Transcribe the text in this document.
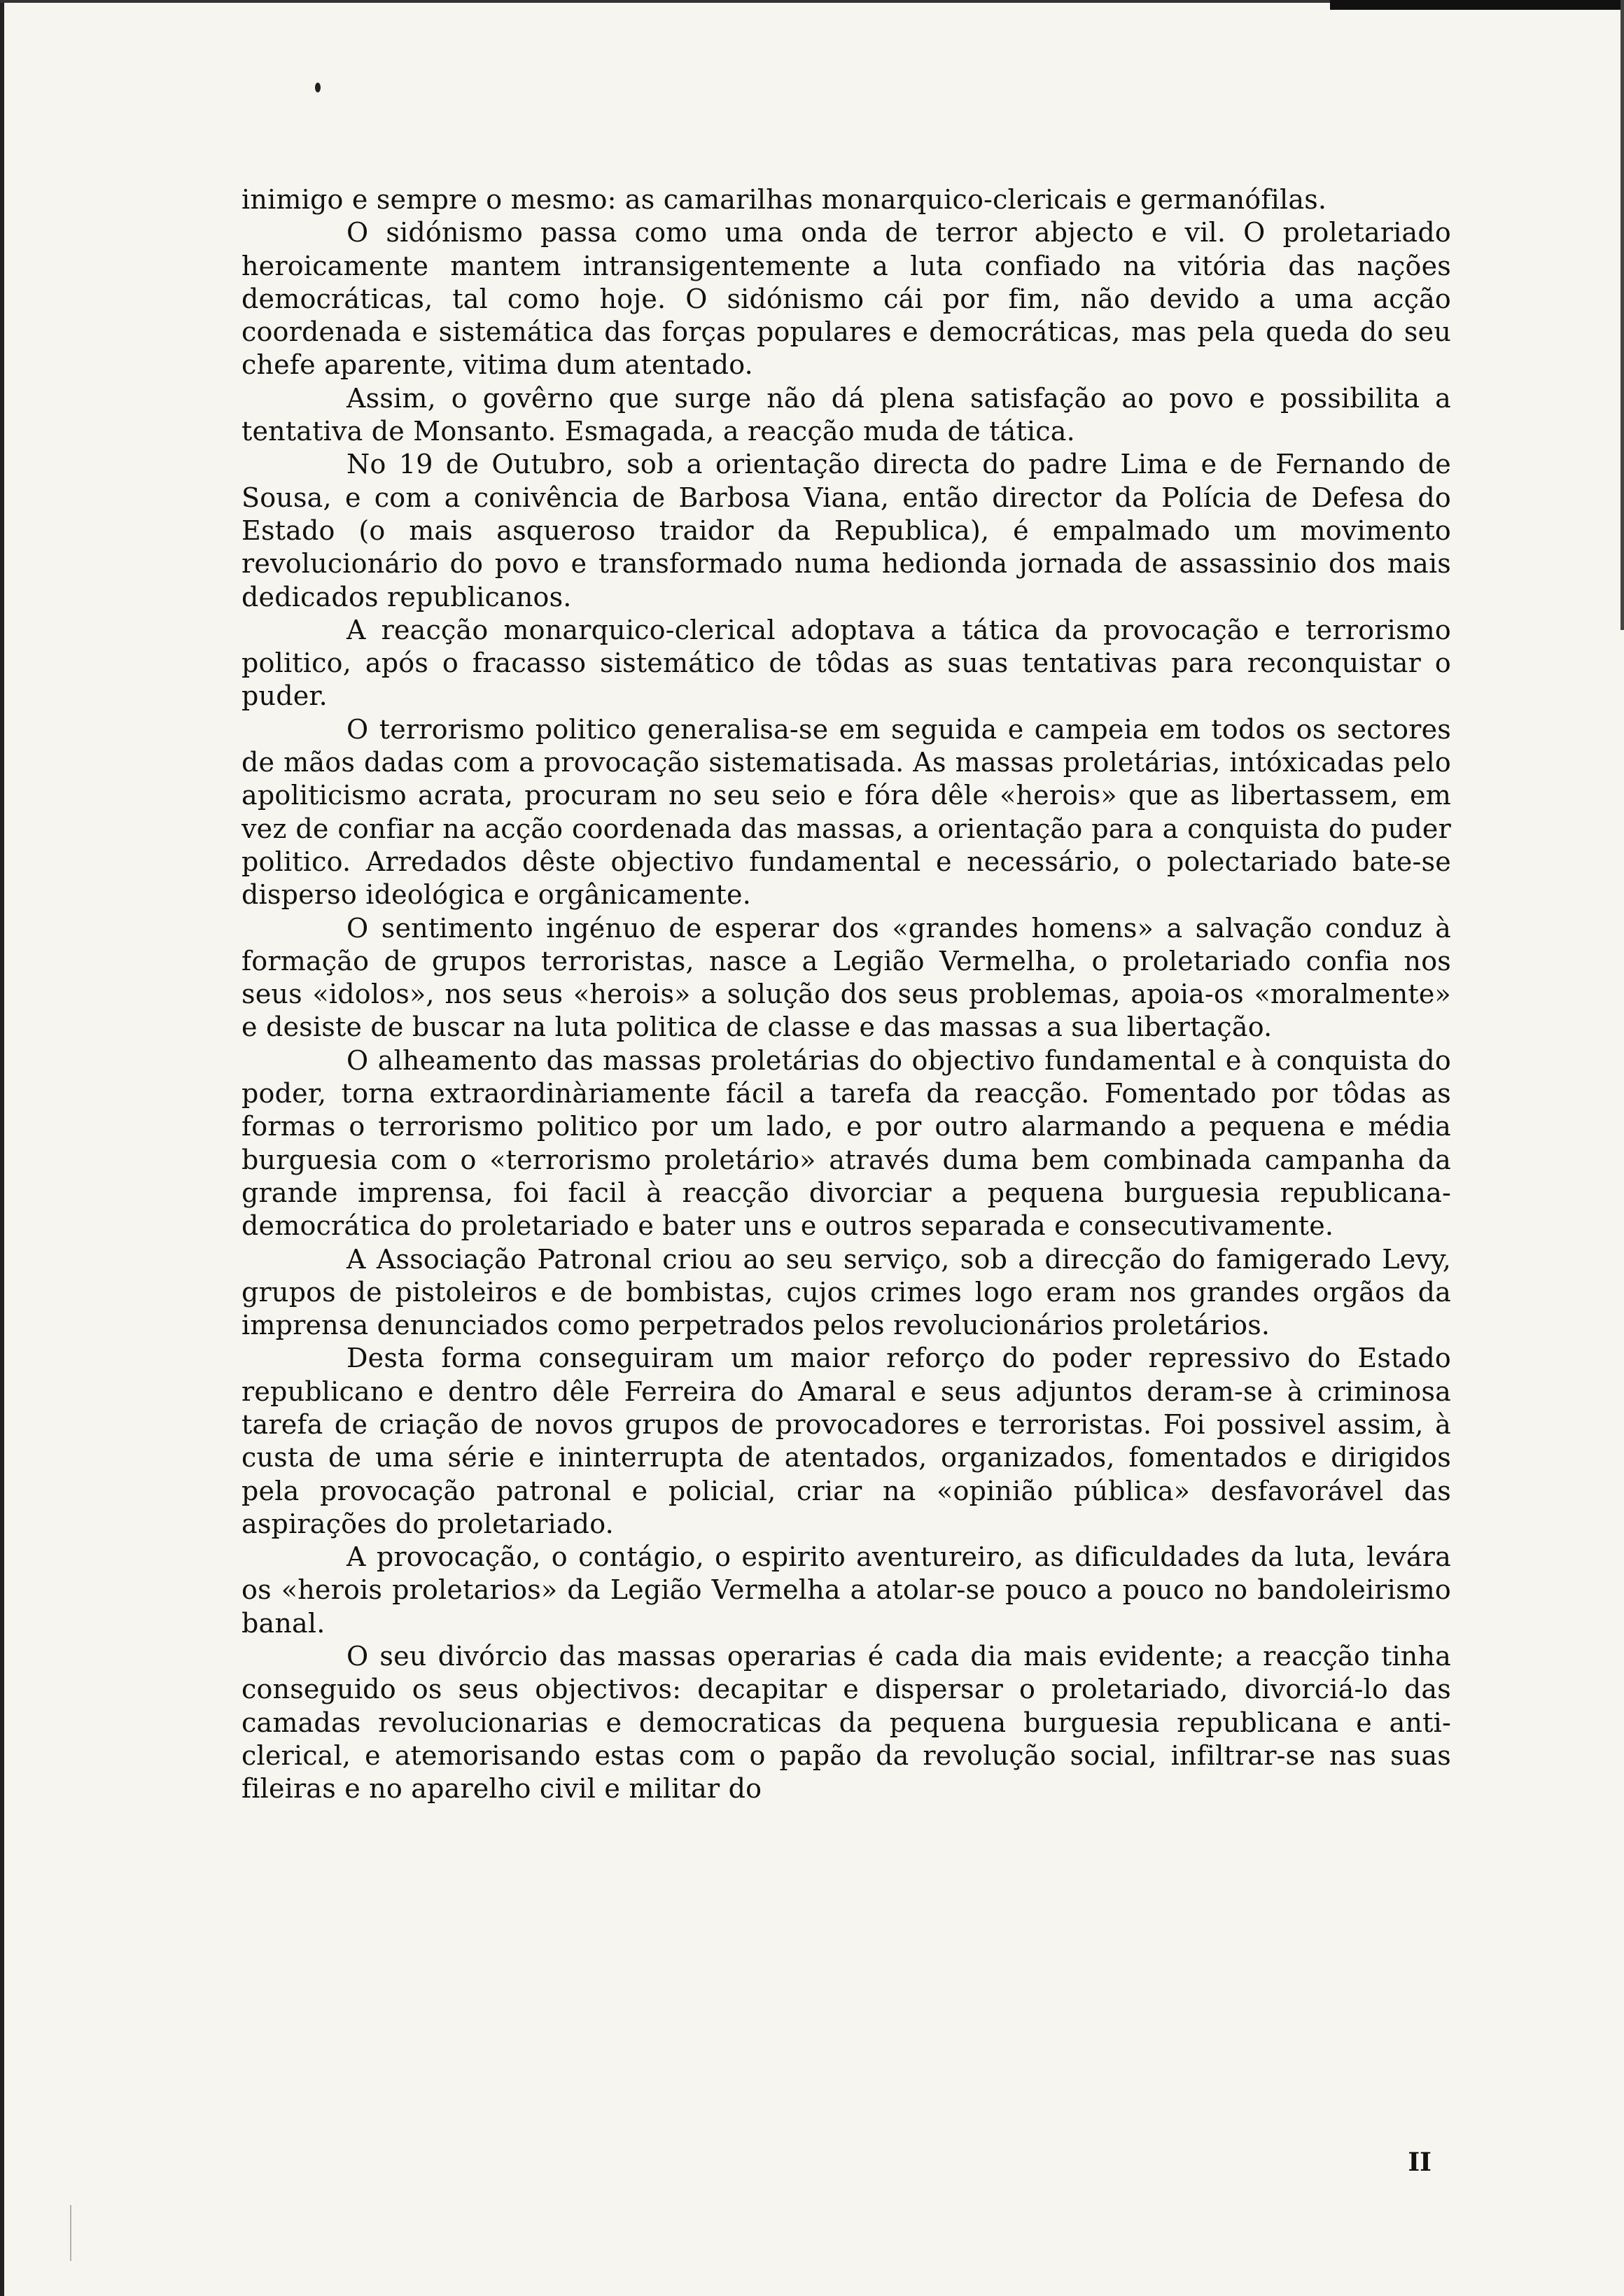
inimigo e sempre o mesmo: as camarilhas monarquico-clericais e germanófilas.

O sidónismo passa como uma onda de terror abjecto e vil. O proletariado heroicamente mantem intransigentemente a luta confiado na vitória das nações democráticas, tal como hoje. O sidónismo cái por fim, não devido a uma acção coordenada e sistemática das forças populares e democráticas, mas pela queda do seu chefe aparente, vitima dum atentado.

Assim, o govêrno que surge não dá plena satisfação ao povo e possibilita a tentativa de Monsanto. Esmagada, a reacção muda de tática.

No 19 de Outubro, sob a orientação directa do padre Lima e de Fernando de Sousa, e com a conivência de Barbosa Viana, então director da Polícia de Defesa do Estado (o mais asqueroso traidor da Republica), é empalmado um movimento revolucionário do povo e transformado numa hedionda jornada de assassinio dos mais dedicados republicanos.

A reacção monarquico-clerical adoptava a tática da provocação e terrorismo politico, após o fracasso sistemático de tôdas as suas tentativas para reconquistar o puder.

O terrorismo politico generalisa-se em seguida e campeia em todos os sectores de mãos dadas com a provocação sistematisada. As massas proletárias, intóxicadas pelo apoliticismo acrata, procuram no seu seio e fóra dêle «herois» que as libertassem, em vez de confiar na acção coordenada das massas, a orientação para a conquista do puder politico. Arredados dêste objectivo fundamental e necessário, o polectariado bate-se disperso ideológica e orgânicamente.

O sentimento ingénuo de esperar dos «grandes homens» a salvação conduz à formação de grupos terroristas, nasce a Legião Vermelha, o proletariado confia nos seus «idolos», nos seus «herois» a solução dos seus problemas, apoia-os «moralmente» e desiste de buscar na luta politica de classe e das massas a sua libertação.

O alheamento das massas proletárias do objectivo fundamental e à conquista do poder, torna extraordinàriamente fácil a tarefa da reacção. Fomentado por tôdas as formas o terrorismo politico por um lado, e por outro alarmando a pequena e média burguesia com o «terrorismo proletário» através duma bem combinada campanha da grande imprensa, foi facil à reacção divorciar a pequena burguesia republicana-democrática do proletariado e bater uns e outros separada e consecutivamente.

A Associação Patronal criou ao seu serviço, sob a direcção do famigerado Levy, grupos de pistoleiros e de bombistas, cujos crimes logo eram nos grandes orgãos da imprensa denunciados como perpetrados pelos revolucionários proletários.

Desta forma conseguiram um maior reforço do poder repressivo do Estado republicano e dentro dêle Ferreira do Amaral e seus adjuntos deram-se à criminosa tarefa de criação de novos grupos de provocadores e terroristas. Foi possivel assim, à custa de uma série e ininterrupta de atentados, organizados, fomentados e dirigidos pela provocação patronal e policial, criar na «opinião pública» desfavorável das aspirações do proletariado.

A provocação, o contágio, o espirito aventureiro, as dificuldades da luta, levára os «herois proletarios» da Legião Vermelha a atolar-se pouco a pouco no bandoleirismo banal.

O seu divórcio das massas operarias é cada dia mais evidente; a reacção tinha conseguido os seus objectivos: decapitar e dispersar o proletariado, divorciá-lo das camadas revolucionarias e democraticas da pequena burguesia republicana e anti-clerical, e atemorisando estas com o papão da revolução social, infiltrar-se nas suas fileiras e no aparelho civil e militar do

II
